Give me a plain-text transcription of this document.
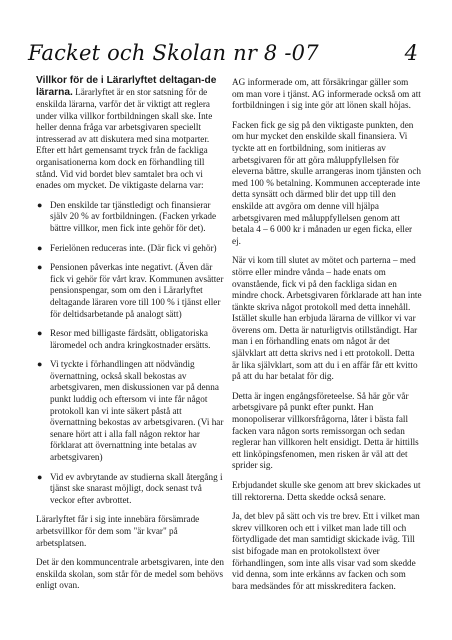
Facket och Skolan nr 8 -07	4

Villkor för de i Lärarlyftet deltagan-de lärarna. Lärarlyftet är en stor satsning för de enskilda lärarna, varför det är viktigt att reglera under vilka villkor fortbildningen skall ske. Inte heller denna fråga var arbetsgivaren speciellt intresserad av att diskutera med sina motparter. Efter ett hårt gemensamt tryck från de fackliga organisationerna kom dock en förhandling till stånd. Vid vid bordet blev samtalet bra och vi enades om mycket. De viktigaste delarna var:

● Den enskilde tar tjänstledigt och finansierar själv 20 % av fortbildningen. (Facken yrkade bättre villkor, men fick inte gehör för det).
● Ferielönen reduceras inte. (Där fick vi gehör)
● Pensionen påverkas inte negativt. (Även där fick vi gehör för vårt krav. Kommunen avsätter pensionspengar, som om den i Lärarlyftet deltagande läraren vore till 100 % i tjänst eller för deltidsarbetande på analogt sätt)
● Resor med billigaste färdsätt, obligatoriska läromedel och andra kringkostnader ersätts.
● Vi tyckte i förhandlingen att nödvändig övernattning, också skall bekostas av arbetsgivaren, men diskussionen var på denna punkt luddig och eftersom vi inte får något protokoll kan vi inte säkert påstå att övernattning bekostas av arbetsgivaren. (Vi har senare hört att i alla fall någon rektor har förklarat att övernattning inte betalas av arbetsgivaren)
● Vid ev avbrytande av studierna skall återgång i tjänst ske snarast möjligt, dock senast två veckor efter avbrottet.

Lärarlyftet får i sig inte innebära försämrade arbetsvillkor för dem som "är kvar" på arbetsplatsen.

Det är den kommuncentrale arbetsgivaren, inte den enskilda skolan, som står för de medel som behövs enligt ovan.

AG informerade om, att försäkringar gäller som om man vore i tjänst. AG informerade också om att fortbildningen i sig inte gör att lönen skall höjas.

Facken fick ge sig på den viktigaste punkten, den om hur mycket den enskilde skall finansiera. Vi tyckte att en fortbildning, som initieras av arbetsgivaren för att göra måluppfyllelsen för eleverna bättre, skulle arrangeras inom tjänsten och med 100 % betalning. Kommunen accepterade inte detta synsätt och därmed blir det upp till den enskilde att avgöra om denne vill hjälpa arbetsgivaren med måluppfyllelsen genom att betala 4 – 6 000 kr i månaden ur egen ficka, eller ej.

När vi kom till slutet av mötet och parterna – med större eller mindre vånda – hade enats om ovanstående, fick vi på den fackliga sidan en mindre chock. Arbetsgivaren förklarade att han inte tänkte skriva något protokoll med detta innehåll. Istället skulle han erbjuda lärarna de villkor vi var överens om. Detta är naturligtvis otillständigt. Har man i en förhandling enats om något är det självklart att detta skrivs ned i ett protokoll. Detta är lika självklart, som att du i en affär får ett kvitto på att du har betalat för dig.

Detta är ingen engångsföreteelse. Så här gör vår arbetsgivare på punkt efter punkt. Han monopoliserar villkorsfrågorna, låter i bästa fall facken vara någon sorts remissorgan och sedan reglerar han villkoren helt ensidigt. Detta är hittills ett linköpingsfenomen, men risken är väl att det sprider sig.

Erbjudandet skulle ske genom att brev skickades ut till rektorerna. Detta skedde också senare.

Ja, det blev på sätt och vis tre brev. Ett i vilket man skrev villkoren och ett i vilket man lade till och förtydligade det man samtidigt skickade iväg. Till sist bifogade man en protokollstext över förhandlingen, som inte alls visar vad som skedde vid denna, som inte erkänns av facken och som bara medsändes för att misskreditera facken.
